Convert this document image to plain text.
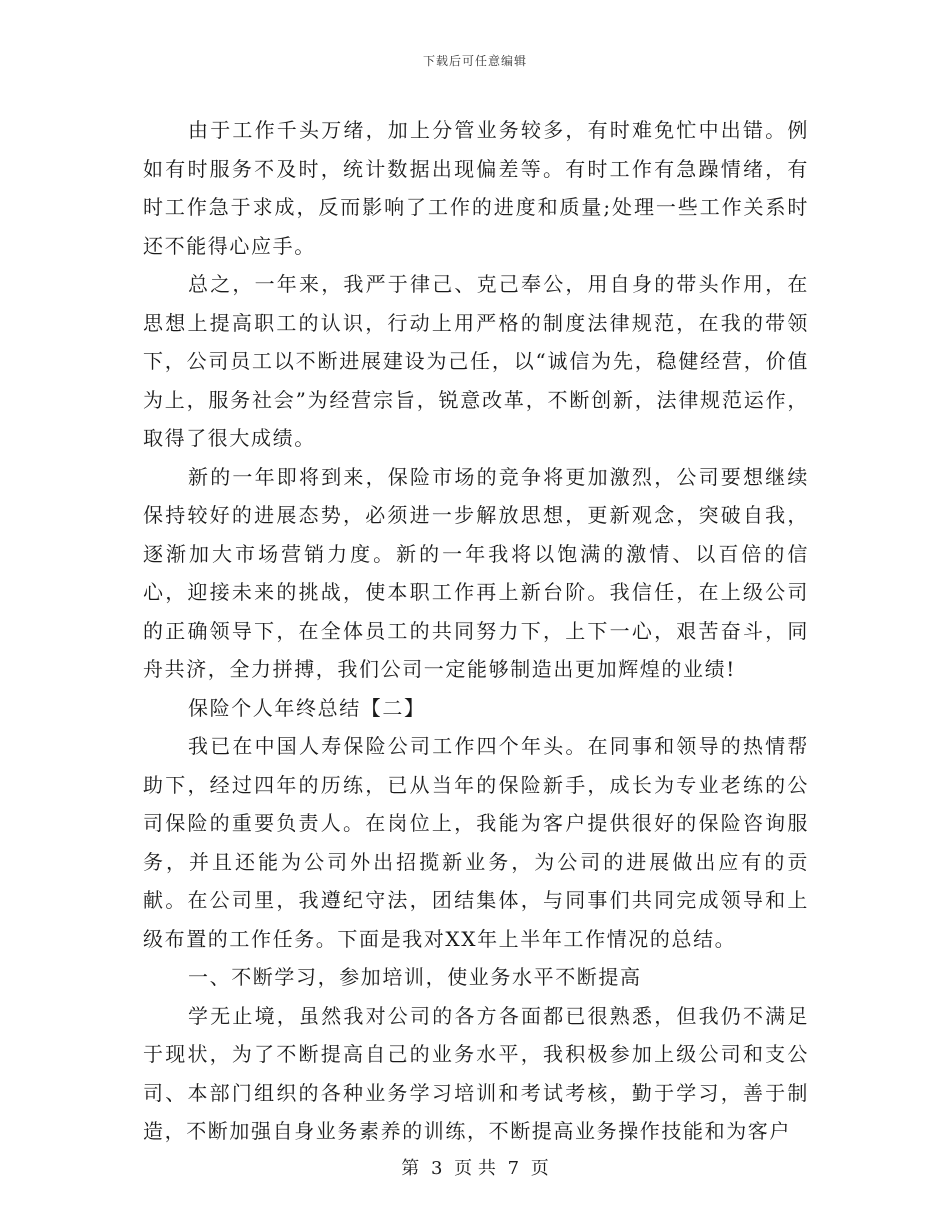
下载后可任意编辑

由于工作千头万绪，加上分管业务较多，有时难免忙中出错。例如有时服务不及时，统计数据出现偏差等。有时工作有急躁情绪，有时工作急于求成，反而影响了工作的进度和质量;处理一些工作关系时还不能得心应手。

总之，一年来，我严于律己、克己奉公，用自身的带头作用，在思想上提高职工的认识，行动上用严格的制度法律规范，在我的带领下，公司员工以不断进展建设为己任，以“诚信为先，稳健经营，价值为上，服务社会”为经营宗旨，锐意改革，不断创新，法律规范运作，取得了很大成绩。

新的一年即将到来，保险市场的竞争将更加激烈，公司要想继续保持较好的进展态势，必须进一步解放思想，更新观念，突破自我，逐渐加大市场营销力度。新的一年我将以饱满的激情、以百倍的信心，迎接未来的挑战，使本职工作再上新台阶。我信任，在上级公司的正确领导下，在全体员工的共同努力下，上下一心，艰苦奋斗，同舟共济，全力拼搏，我们公司一定能够制造出更加辉煌的业绩!

保险个人年终总结【二】

我已在中国人寿保险公司工作四个年头。在同事和领导的热情帮助下，经过四年的历练，已从当年的保险新手，成长为专业老练的公司保险的重要负责人。在岗位上，我能为客户提供很好的保险咨询服务，并且还能为公司外出招揽新业务，为公司的进展做出应有的贡献。在公司里，我遵纪守法，团结集体，与同事们共同完成领导和上级布置的工作任务。下面是我对XX年上半年工作情况的总结。

一、不断学习，参加培训，使业务水平不断提高

学无止境，虽然我对公司的各方各面都已很熟悉，但我仍不满足于现状，为了不断提高自己的业务水平，我积极参加上级公司和支公司、本部门组织的各种业务学习培训和考试考核，勤于学习，善于制造，不断加强自身业务素养的训练，不断提高业务操作技能和为客户

第 3 页 共 7 页
